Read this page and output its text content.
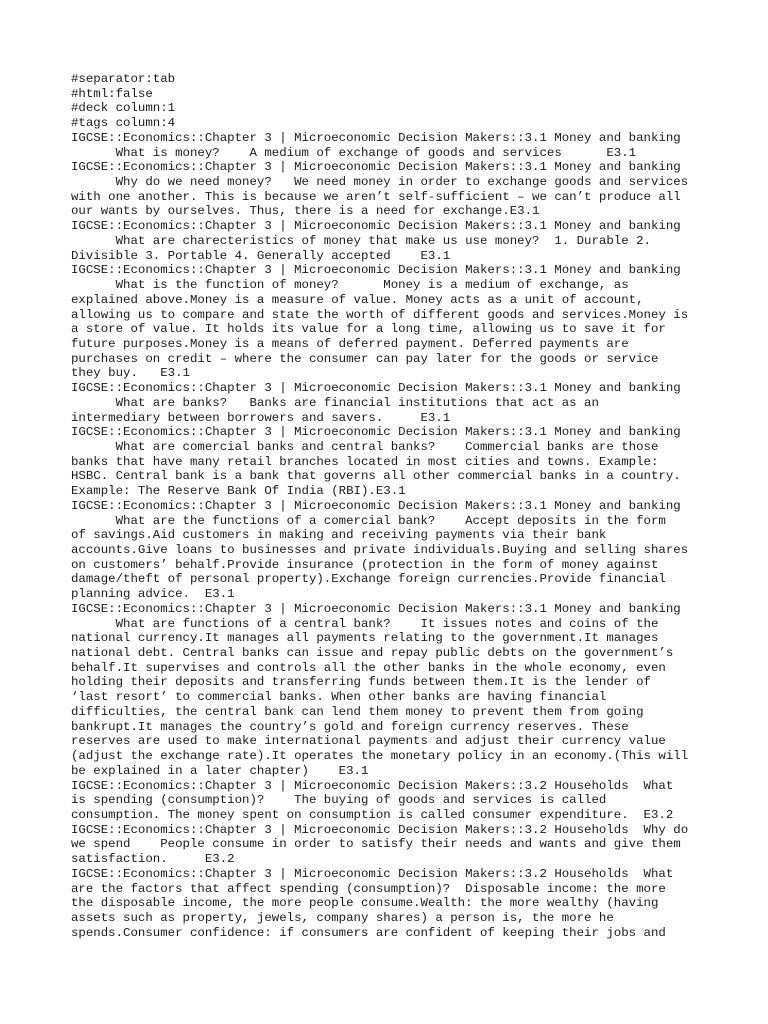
#separator:tab
#html:false
#deck column:1
#tags column:4
IGCSE::Economics::Chapter 3 | Microeconomic Decision Makers::3.1 Money and banking
What is money?    A medium of exchange of goods and services      E3.1
IGCSE::Economics::Chapter 3 | Microeconomic Decision Makers::3.1 Money and banking
Why do we need money?   We need money in order to exchange goods and services
with one another. This is because we aren’t self-sufficient – we can’t produce all
our wants by ourselves. Thus, there is a need for exchange.E3.1
IGCSE::Economics::Chapter 3 | Microeconomic Decision Makers::3.1 Money and banking
What are charecteristics of money that make us use money?  1. Durable 2.
Divisible 3. Portable 4. Generally accepted    E3.1
IGCSE::Economics::Chapter 3 | Microeconomic Decision Makers::3.1 Money and banking
What is the function of money?      Money is a medium of exchange, as
explained above.Money is a measure of value. Money acts as a unit of account,
allowing us to compare and state the worth of different goods and services.Money is
a store of value. It holds its value for a long time, allowing us to save it for
future purposes.Money is a means of deferred payment. Deferred payments are
purchases on credit – where the consumer can pay later for the goods or service
they buy.   E3.1
IGCSE::Economics::Chapter 3 | Microeconomic Decision Makers::3.1 Money and banking
What are banks?   Banks are financial institutions that act as an
intermediary between borrowers and savers.     E3.1
IGCSE::Economics::Chapter 3 | Microeconomic Decision Makers::3.1 Money and banking
What are comercial banks and central banks?    Commercial banks are those
banks that have many retail branches located in most cities and towns. Example:
HSBC. Central bank is a bank that governs all other commercial banks in a country.
Example: The Reserve Bank Of India (RBI).E3.1
IGCSE::Economics::Chapter 3 | Microeconomic Decision Makers::3.1 Money and banking
What are the functions of a comercial bank?    Accept deposits in the form
of savings.Aid customers in making and receiving payments via their bank
accounts.Give loans to businesses and private individuals.Buying and selling shares
on customers’ behalf.Provide insurance (protection in the form of money against
damage/theft of personal property).Exchange foreign currencies.Provide financial
planning advice.  E3.1
IGCSE::Economics::Chapter 3 | Microeconomic Decision Makers::3.1 Money and banking
What are functions of a central bank?    It issues notes and coins of the
national currency.It manages all payments relating to the government.It manages
national debt. Central banks can issue and repay public debts on the government’s
behalf.It supervises and controls all the other banks in the whole economy, even
holding their deposits and transferring funds between them.It is the lender of
‘last resort’ to commercial banks. When other banks are having financial
difficulties, the central bank can lend them money to prevent them from going
bankrupt.It manages the country’s gold and foreign currency reserves. These
reserves are used to make international payments and adjust their currency value
(adjust the exchange rate).It operates the monetary policy in an economy.(This will
be explained in a later chapter)    E3.1
IGCSE::Economics::Chapter 3 | Microeconomic Decision Makers::3.2 Households  What
is spending (consumption)?    The buying of goods and services is called
consumption. The money spent on consumption is called consumer expenditure.  E3.2
IGCSE::Economics::Chapter 3 | Microeconomic Decision Makers::3.2 Households  Why do
we spend    People consume in order to satisfy their needs and wants and give them
satisfaction.     E3.2
IGCSE::Economics::Chapter 3 | Microeconomic Decision Makers::3.2 Households  What
are the factors that affect spending (consumption)?  Disposable income: the more
the disposable income, the more people consume.Wealth: the more wealthy (having
assets such as property, jewels, company shares) a person is, the more he
spends.Consumer confidence: if consumers are confident of keeping their jobs and
